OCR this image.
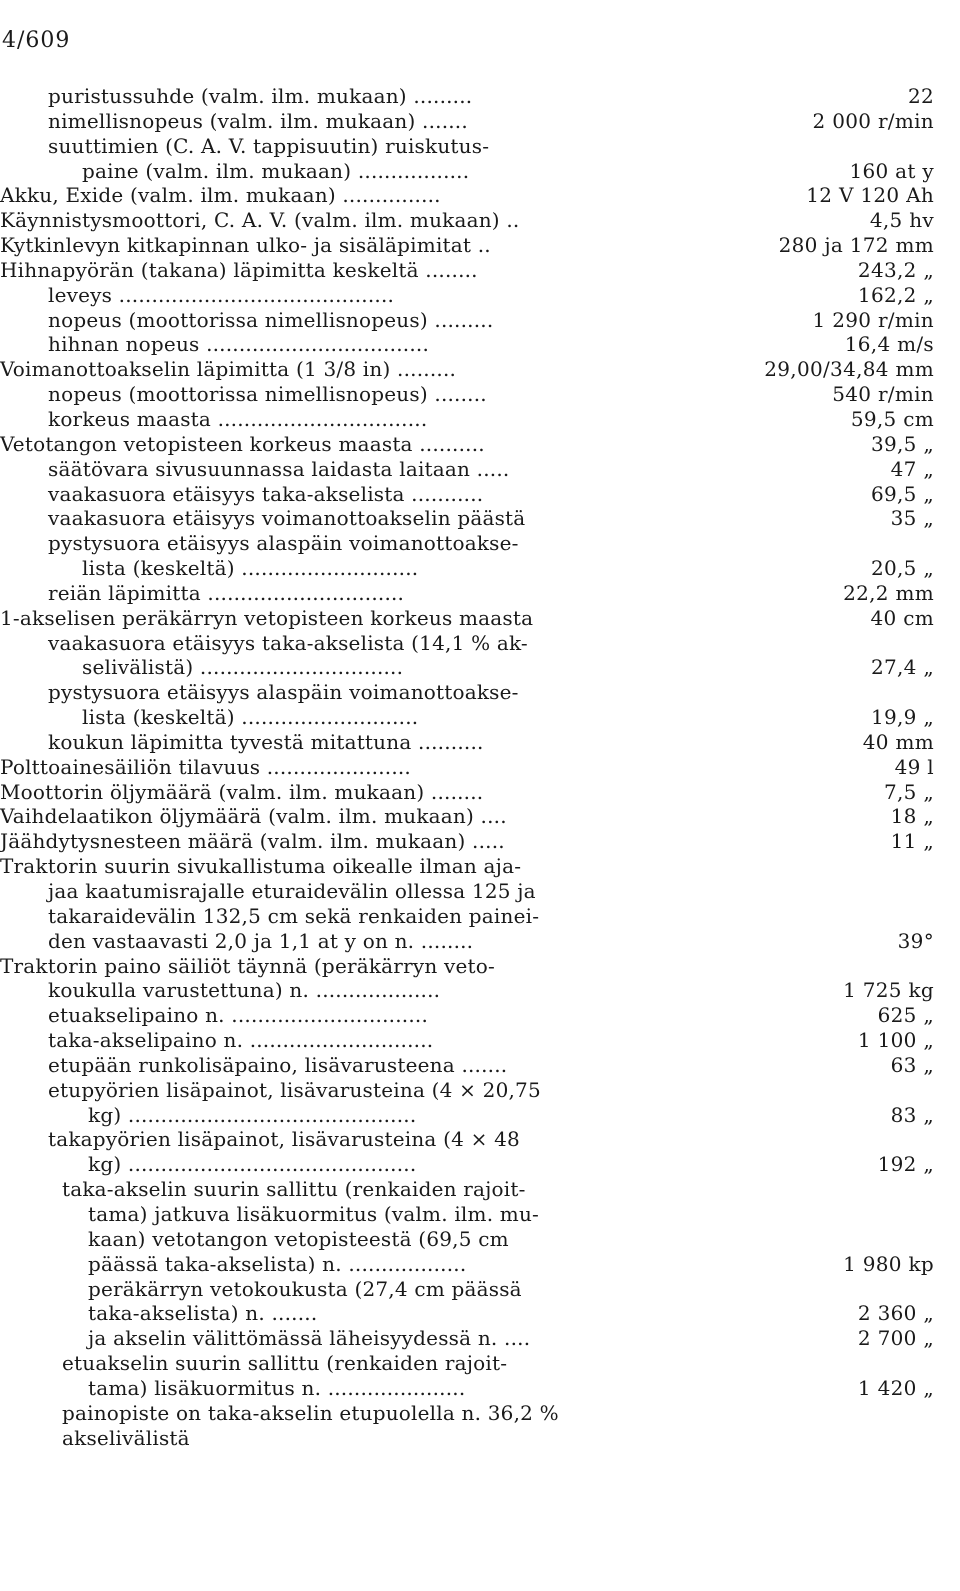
4/609
puristussuhde (valm. ilm. mukaan) .........	22
nimellisnopeus (valm. ilm. mukaan) .......	2 000 r/min
suuttimien (C. A. V. tappisuutin) ruiskutus-
paine (valm. ilm. mukaan) .................	160 at y
Akku, Exide (valm. ilm. mukaan) ...............	12 V 120 Ah
Käynnistysmoottori, C. A. V. (valm. ilm. mukaan) ..	4,5 hv
Kytkinlevyn kitkapinnan ulko- ja sisäläpimitat ..	280 ja 172 mm
Hihnapyörän (takana) läpimitta keskeltä ........	243,2 „
leveys ..........................................	162,2 „
nopeus (moottorissa nimellisnopeus) .........	1 290 r/min
hihnan nopeus ..................................	16,4 m/s
Voimanottoakselin läpimitta (1 3/8 in) .........	29,00/34,84 mm
nopeus (moottorissa nimellisnopeus) ........	540 r/min
korkeus maasta ................................	59,5 cm
Vetotangon vetopisteen korkeus maasta ..........	39,5 „
säätövara sivusuunnassa laidasta laitaan .....	47 „
vaakasuora etäisyys taka-akselista ...........	69,5 „
vaakasuora etäisyys voimanottoakselin päästä	35 „
pystysuora etäisyys alaspäin voimanottoakse-
lista (keskeltä) ...........................	20,5 „
reiän läpimitta ..............................	22,2 mm
1-akselisen peräkärryn vetopisteen korkeus maasta	40 cm
vaakasuora etäisyys taka-akselista (14,1 % ak-
selivälistä) ...............................	27,4 „
pystysuora etäisyys alaspäin voimanottoakse-
lista (keskeltä) ...........................	19,9 „
koukun läpimitta tyvestä mitattuna ..........	40 mm
Polttoainesäiliön tilavuus ......................	49 l
Moottorin öljymäärä (valm. ilm. mukaan) ........	7,5 „
Vaihdelaatikon öljymäärä (valm. ilm. mukaan) ....	18 „
Jäähdytysnesteen määrä (valm. ilm. mukaan) .....	11 „
Traktorin suurin sivukallistuma oikealle ilman aja-
jaa kaatumisrajalle eturaidevälin ollessa 125 ja
takaraidevälin 132,5 cm sekä renkaiden painei-
den vastaavasti 2,0 ja 1,1 at y on n. ........	39°
Traktorin paino säiliöt täynnä (peräkärryn veto-
koukulla varustettuna) n. ...................	1 725 kg
etuakselipaino n. ..............................	625 „
taka-akselipaino n. ............................	1 100 „
etupään runkolisäpaino, lisävarusteena .......	63 „
etupyörien lisäpainot, lisävarusteina (4 × 20,75
kg) ............................................	83 „
takapyörien lisäpainot, lisävarusteina (4 × 48
kg) ............................................	192 „
taka-akselin suurin sallittu (renkaiden rajoit-
tama) jatkuva lisäkuormitus (valm. ilm. mu-
kaan) vetotangon vetopisteestä (69,5 cm
päässä taka-akselista) n. ..................	1 980 kp
peräkärryn vetokoukusta (27,4 cm päässä
taka-akselista) n. .......	2 360 „
ja akselin välittömässä läheisyydessä n. ....	2 700 „
etuakselin suurin sallittu (renkaiden rajoit-
tama) lisäkuormitus n. .....................	1 420 „
painopiste on taka-akselin etupuolella n. 36,2 %
akselivälistä
